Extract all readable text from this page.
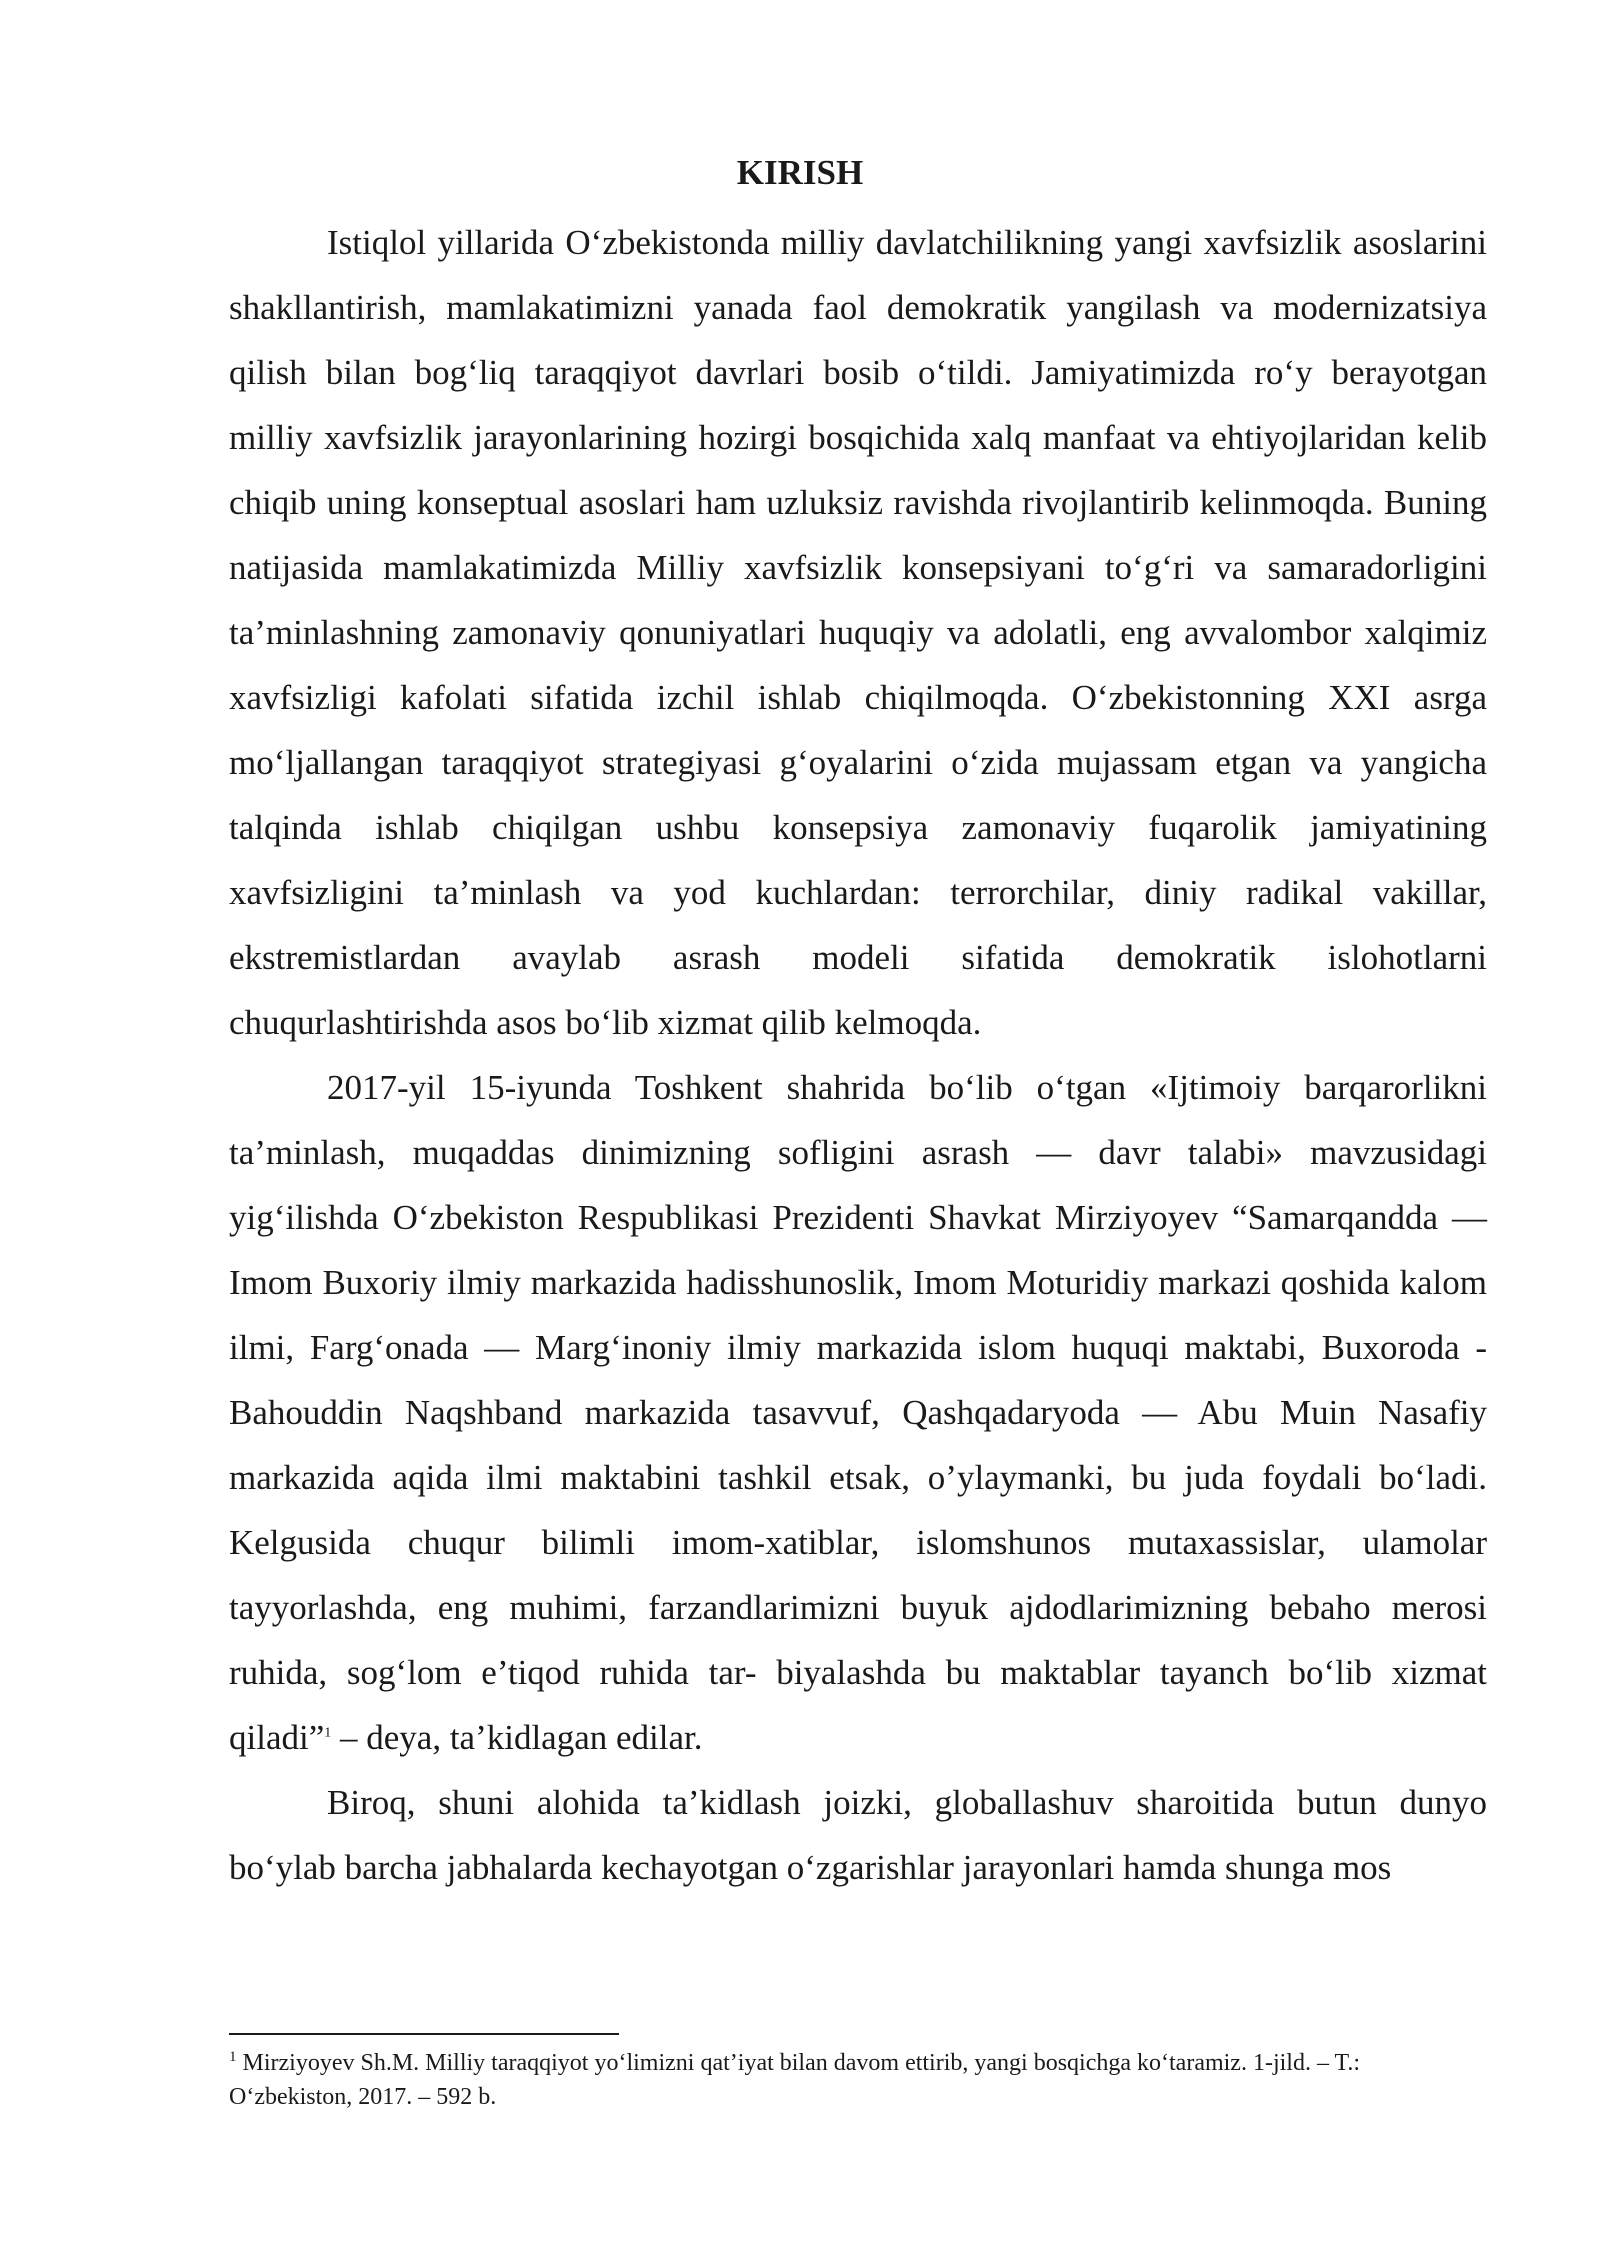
KIRISH

Istiqlol yillarida O‘zbekistonda milliy davlatchilikning yangi xavfsizlik asoslarini shakllantirish, mamlakatimizni yanada faol demokratik yangilash va modernizatsiya qilish bilan bog‘liq taraqqiyot davrlari bosib o‘tildi. Jamiyatimizda ro‘y berayotgan milliy xavfsizlik jarayonlarining hozirgi bosqichida xalq manfaat va ehtiyojlaridan kelib chiqib uning konseptual asoslari ham uzluksiz ravishda rivojlantirib kelinmoqda. Buning natijasida mamlakatimizda Milliy xavfsizlik konsepsiyani to‘g‘ri va samaradorligini ta’minlashning zamonaviy qonuniyatlari huquqiy va adolatli, eng avvalombor xalqimiz xavfsizligi kafolati sifatida izchil ishlab chiqilmoqda. O‘zbekistonning XXI asrga mo‘ljallangan taraqqiyot strategiyasi g‘oyalarini o‘zida mujassam etgan va yangicha talqinda ishlab chiqilgan ushbu konsepsiya zamonaviy fuqarolik jamiyatining xavfsizligini ta’minlash va yod kuchlardan: terrorchilar, diniy radikal vakillar, ekstremistlardan avaylab asrash modeli sifatida demokratik islohotlarni chuqurlashtirishda asos bo‘lib xizmat qilib kelmoqda.

2017-yil 15-iyunda Toshkent shahrida bo‘lib o‘tgan «Ijtimoiy barqarorlikni ta’minlash, muqaddas dinimizning sofligini asrash — davr talabi» mavzusidagi yig‘ilishda O‘zbekiston Respublikasi Prezidenti Shavkat Mirziyoyev “Samarqandda — Imom Buxoriy ilmiy markazida hadisshunoslik, Imom Moturidiy markazi qoshida kalom ilmi, Farg‘onada — Marg‘inoniy ilmiy markazida islom huquqi maktabi, Buxoroda - Bahouddin Naqshband markazida tasavvuf, Qashqadaryoda — Abu Muin Nasafiy markazida aqida ilmi maktabini tashkil etsak, o’ylaymanki, bu juda foydali bo‘ladi. Kelgusida chuqur bilimli imom-xatiblar, islomshunos mutaxassislar, ulamolar tayyorlashda, eng muhimi, farzandlarimizni buyuk ajdodlarimizning bebaho merosi ruhida, sog‘lom e’tiqod ruhida tar- biyalashda bu maktablar tayanch bo‘lib xizmat qiladi”$^1$ – deya, ta’kidlagan edilar.

Biroq, shuni alohida ta’kidlash joizki, globallashuv sharoitida butun dunyo bo‘ylab barcha jabhalarda kechayotgan o‘zgarishlar jarayonlari hamda shunga mos

$^1$ Mirziyoyev Sh.M. Milliy taraqqiyot yo‘limizni qat’iyat bilan davom ettirib, yangi bosqichga ko‘taramiz. 1-jild. – T.: O‘zbekiston, 2017. – 592 b.
